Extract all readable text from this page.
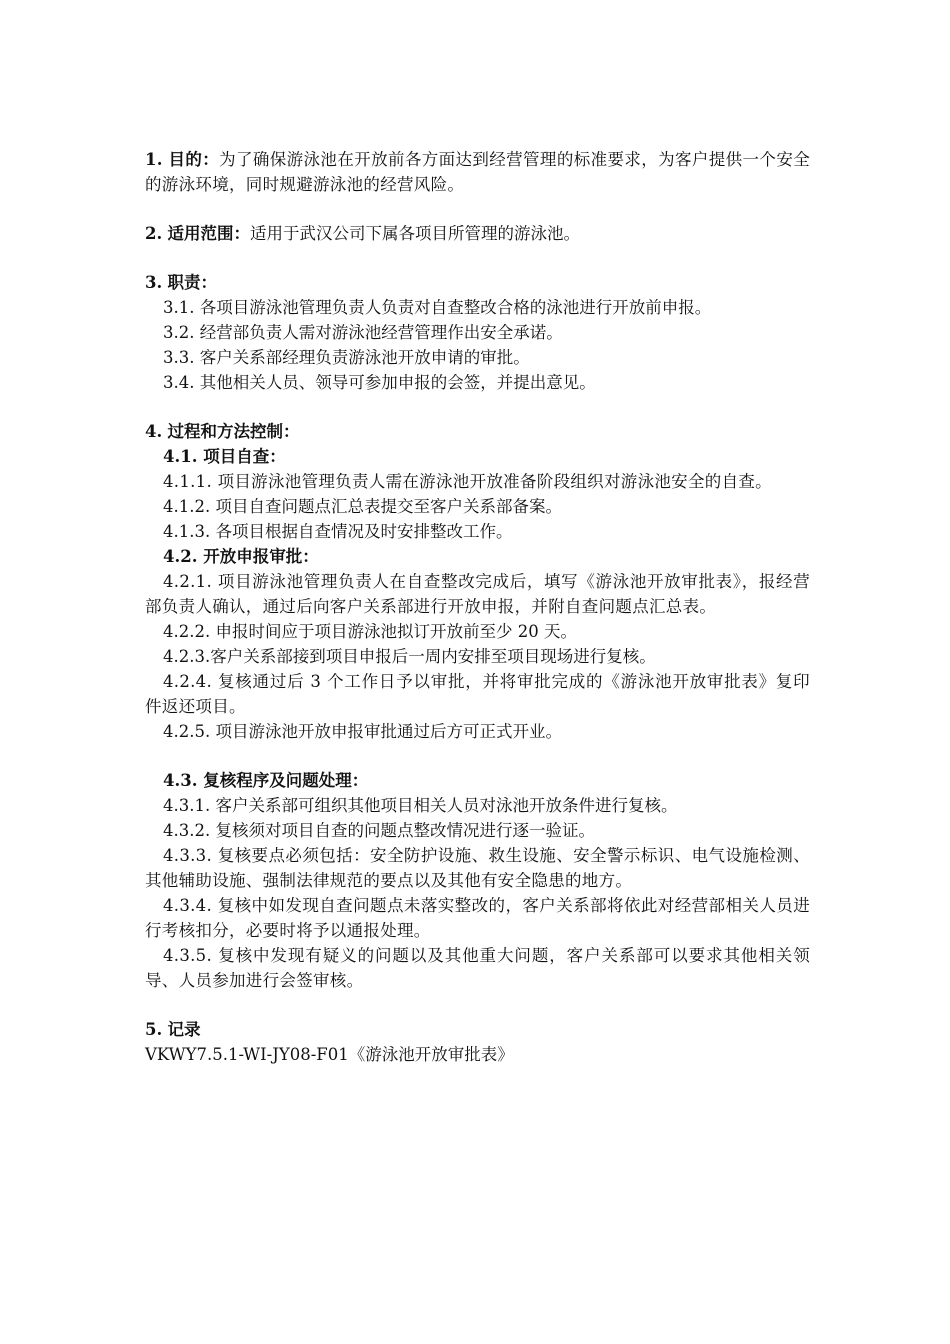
1. 目的：为了确保游泳池在开放前各方面达到经营管理的标准要求，为客户提供一个安全的游泳环境，同时规避游泳池的经营风险。

2. 适用范围：适用于武汉公司下属各项目所管理的游泳池。

3. 职责：

3.1. 各项目游泳池管理负责人负责对自查整改合格的泳池进行开放前申报。

3.2. 经营部负责人需对游泳池经营管理作出安全承诺。

3.3. 客户关系部经理负责游泳池开放申请的审批。

3.4. 其他相关人员、领导可参加申报的会签，并提出意见。

4. 过程和方法控制：

4.1. 项目自查：

4.1.1. 项目游泳池管理负责人需在游泳池开放准备阶段组织对游泳池安全的自查。

4.1.2. 项目自查问题点汇总表提交至客户关系部备案。

4.1.3. 各项目根据自查情况及时安排整改工作。

4.2. 开放申报审批：

4.2.1. 项目游泳池管理负责人在自查整改完成后，填写《游泳池开放审批表》，报经营部负责人确认，通过后向客户关系部进行开放申报，并附自查问题点汇总表。

4.2.2. 申报时间应于项目游泳池拟订开放前至少 20 天。

4.2.3.客户关系部接到项目申报后一周内安排至项目现场进行复核。

4.2.4. 复核通过后 3 个工作日予以审批，并将审批完成的《游泳池开放审批表》复印件返还项目。

4.2.5. 项目游泳池开放申报审批通过后方可正式开业。

4.3. 复核程序及问题处理：

4.3.1. 客户关系部可组织其他项目相关人员对泳池开放条件进行复核。

4.3.2. 复核须对项目自查的问题点整改情况进行逐一验证。

4.3.3. 复核要点必须包括：安全防护设施、救生设施、安全警示标识、电气设施检测、其他辅助设施、强制法律规范的要点以及其他有安全隐患的地方。

4.3.4. 复核中如发现自查问题点未落实整改的，客户关系部将依此对经营部相关人员进行考核扣分，必要时将予以通报处理。

4.3.5. 复核中发现有疑义的问题以及其他重大问题，客户关系部可以要求其他相关领导、人员参加进行会签审核。

5. 记录

VKWY7.5.1-WI-JY08-F01《游泳池开放审批表》
